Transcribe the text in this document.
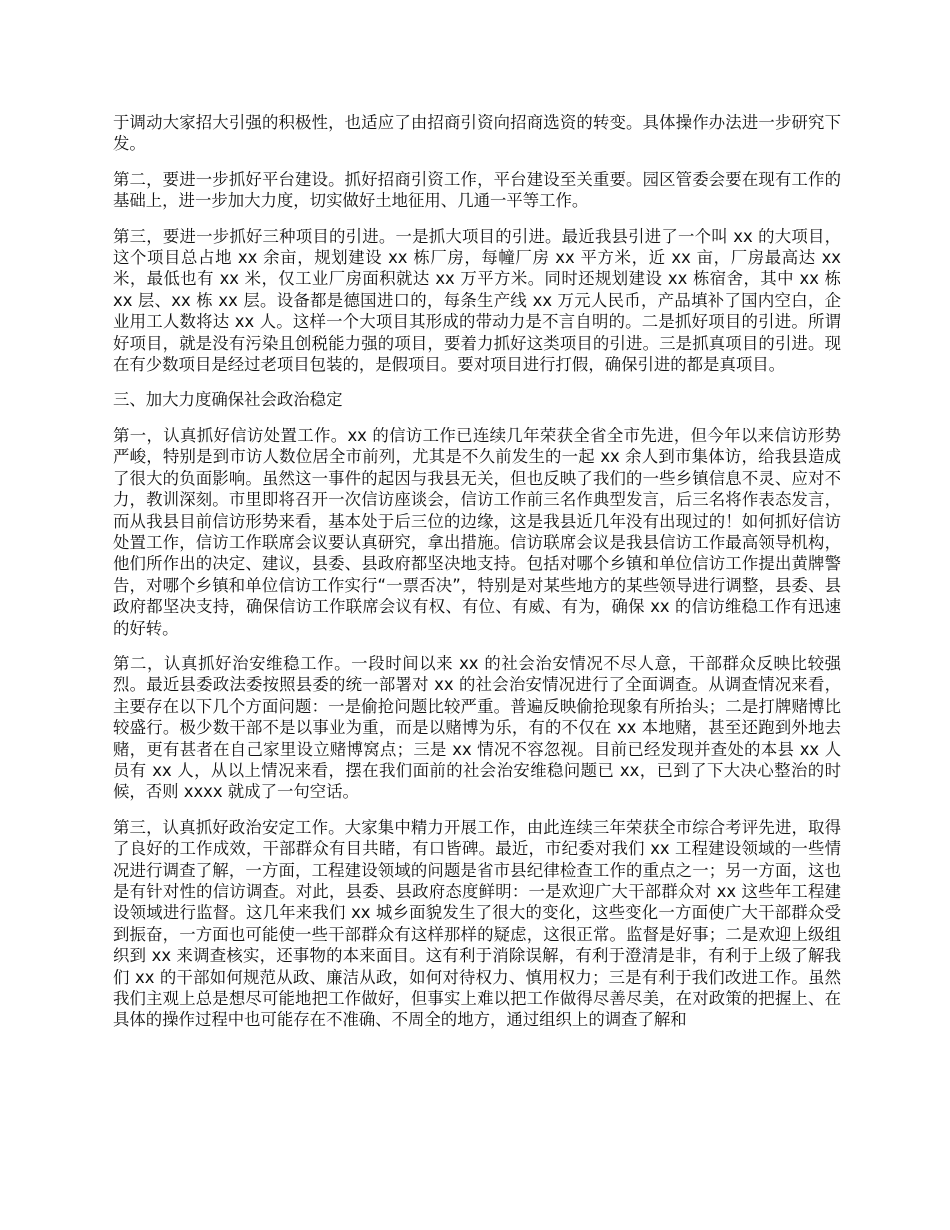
于调动大家招大引强的积极性，也适应了由招商引资向招商选资的转变。具体操作办法进一步研究下发。

第二，要进一步抓好平台建设。抓好招商引资工作，平台建设至关重要。园区管委会要在现有工作的基础上，进一步加大力度，切实做好土地征用、几通一平等工作。

第三，要进一步抓好三种项目的引进。一是抓大项目的引进。最近我县引进了一个叫 xx 的大项目，这个项目总占地 xx 余亩，规划建设 xx 栋厂房，每幢厂房 xx 平方米，近 xx 亩，厂房最高达 xx 米，最低也有 xx 米，仅工业厂房面积就达 xx 万平方米。同时还规划建设 xx 栋宿舍，其中 xx 栋 xx 层、xx 栋 xx 层。设备都是德国进口的，每条生产线 xx 万元人民币，产品填补了国内空白，企业用工人数将达 xx 人。这样一个大项目其形成的带动力是不言自明的。二是抓好项目的引进。所谓好项目，就是没有污染且创税能力强的项目，要着力抓好这类项目的引进。三是抓真项目的引进。现在有少数项目是经过老项目包装的，是假项目。要对项目进行打假，确保引进的都是真项目。

三、加大力度确保社会政治稳定

第一，认真抓好信访处置工作。xx 的信访工作已连续几年荣获全省全市先进，但今年以来信访形势严峻，特别是到市访人数位居全市前列，尤其是不久前发生的一起 xx 余人到市集体访，给我县造成了很大的负面影响。虽然这一事件的起因与我县无关，但也反映了我们的一些乡镇信息不灵、应对不力，教训深刻。市里即将召开一次信访座谈会，信访工作前三名作典型发言，后三名将作表态发言，而从我县目前信访形势来看，基本处于后三位的边缘，这是我县近几年没有出现过的！如何抓好信访处置工作，信访工作联席会议要认真研究，拿出措施。信访联席会议是我县信访工作最高领导机构，他们所作出的决定、建议，县委、县政府都坚决地支持。包括对哪个乡镇和单位信访工作提出黄牌警告，对哪个乡镇和单位信访工作实行“一票否决”，特别是对某些地方的某些领导进行调整，县委、县政府都坚决支持，确保信访工作联席会议有权、有位、有威、有为，确保 xx 的信访维稳工作有迅速的好转。

第二，认真抓好治安维稳工作。一段时间以来 xx 的社会治安情况不尽人意，干部群众反映比较强烈。最近县委政法委按照县委的统一部署对 xx 的社会治安情况进行了全面调查。从调查情况来看，主要存在以下几个方面问题：一是偷抢问题比较严重。普遍反映偷抢现象有所抬头；二是打牌赌博比较盛行。极少数干部不是以事业为重，而是以赌博为乐，有的不仅在 xx 本地赌，甚至还跑到外地去赌，更有甚者在自己家里设立赌博窝点；三是 xx 情况不容忽视。目前已经发现并查处的本县 xx 人员有 xx 人，从以上情况来看，摆在我们面前的社会治安维稳问题已 xx，已到了下大决心整治的时候，否则 xxxx 就成了一句空话。

第三，认真抓好政治安定工作。大家集中精力开展工作，由此连续三年荣获全市综合考评先进，取得了良好的工作成效，干部群众有目共睹，有口皆碑。最近，市纪委对我们 xx 工程建设领域的一些情况进行调查了解，一方面，工程建设领域的问题是省市县纪律检查工作的重点之一；另一方面，这也是有针对性的信访调查。对此，县委、县政府态度鲜明：一是欢迎广大干部群众对 xx 这些年工程建设领域进行监督。这几年来我们 xx 城乡面貌发生了很大的变化，这些变化一方面使广大干部群众受到振奋，一方面也可能使一些干部群众有这样那样的疑虑，这很正常。监督是好事；二是欢迎上级组织到 xx 来调查核实，还事物的本来面目。这有利于消除误解，有利于澄清是非，有利于上级了解我们 xx 的干部如何规范从政、廉洁从政，如何对待权力、慎用权力；三是有利于我们改进工作。虽然我们主观上总是想尽可能地把工作做好，但事实上难以把工作做得尽善尽美，在对政策的把握上、在具体的操作过程中也可能存在不准确、不周全的地方，通过组织上的调查了解和
